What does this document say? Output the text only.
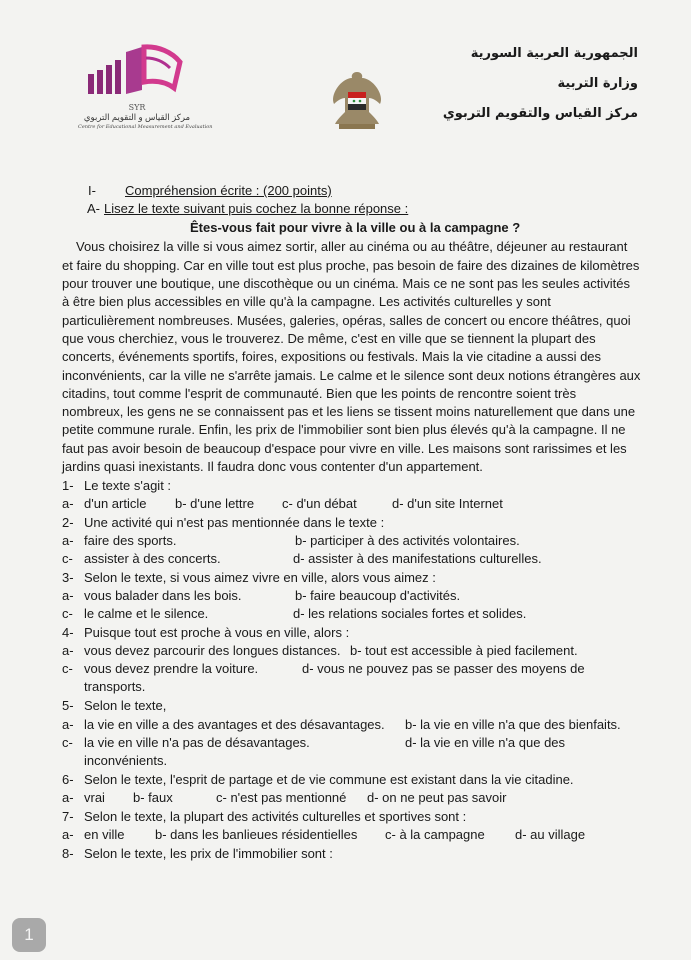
SYR
مركز القياس و التقويم التربوي
Centre for Educational Measurement and Evaluation
الجمهورية العربية السورية
وزارة التربية
مركز القياس والتقويم التربوي
I- Compréhension écrite : (200 points)
A- Lisez le texte suivant puis cochez la bonne réponse :
Êtes-vous fait pour vivre à la ville ou à la campagne ?
Vous choisirez la ville si vous aimez sortir, aller au cinéma ou au théâtre, déjeuner au restaurant
et faire du shopping. Car en ville tout est plus proche, pas besoin de faire des dizaines de kilomètres
pour trouver une boutique, une discothèque ou un cinéma. Mais ce ne sont pas les seules activités
à être bien plus accessibles en ville qu'à la campagne. Les activités culturelles y sont
particulièrement nombreuses. Musées, galeries, opéras, salles de concert ou encore théâtres, quoi
que vous cherchiez, vous le trouverez. De même, c'est en ville que se tiennent la plupart des
concerts, événements sportifs, foires, expositions ou festivals. Mais la vie citadine a aussi des
inconvénients, car la ville ne s'arrête jamais. Le calme et le silence sont deux notions étrangères aux
citadins, tout comme l'esprit de communauté. Bien que les points de rencontre soient très
nombreux, les gens ne se connaissent pas et les liens se tissent moins naturellement que dans une
petite commune rurale. Enfin, les prix de l'immobilier sont bien plus élevés qu'à la campagne. Il ne
faut pas avoir besoin de beaucoup d'espace pour vivre en ville. Les maisons sont rarissimes et les
jardins quasi inexistants. Il faudra donc vous contenter d'un appartement.
1- Le texte s'agit :
a- d'un article b- d'une lettre c- d'un débat	d- d'un site Internet
2- Une activité qui n'est pas mentionnée dans le texte :
a- faire des sports.	b- participer à des activités volontaires.
c- assister à des concerts.	d- assister à des manifestations culturelles.
3- Selon le texte, si vous aimez vivre en ville, alors vous aimez :
a- vous balader dans les bois.	b- faire beaucoup d'activités.
c- le calme et le silence.	d- les relations sociales fortes et solides.
4- Puisque tout est proche à vous en ville, alors :
a- vous devez parcourir des longues distances. b- tout est accessible à pied facilement.
c- vous devez prendre la voiture.	d- vous ne pouvez pas se passer des moyens de
transports.
5- Selon le texte,
a- la vie en ville a des avantages et des désavantages. b- la vie en ville n'a que des bienfaits.
c- la vie en ville n'a pas de désavantages.	d- la vie en ville n'a que des
inconvénients.
6- Selon le texte, l'esprit de partage et de vie commune est existant dans la vie citadine.
a- vrai b- faux	c- n'est pas mentionné d- on ne peut pas savoir
7- Selon le texte, la plupart des activités culturelles et sportives sont :
a- en ville b- dans les banlieues résidentielles c- à la campagne d- au village
8- Selon le texte, les prix de l'immobilier sont :
1
